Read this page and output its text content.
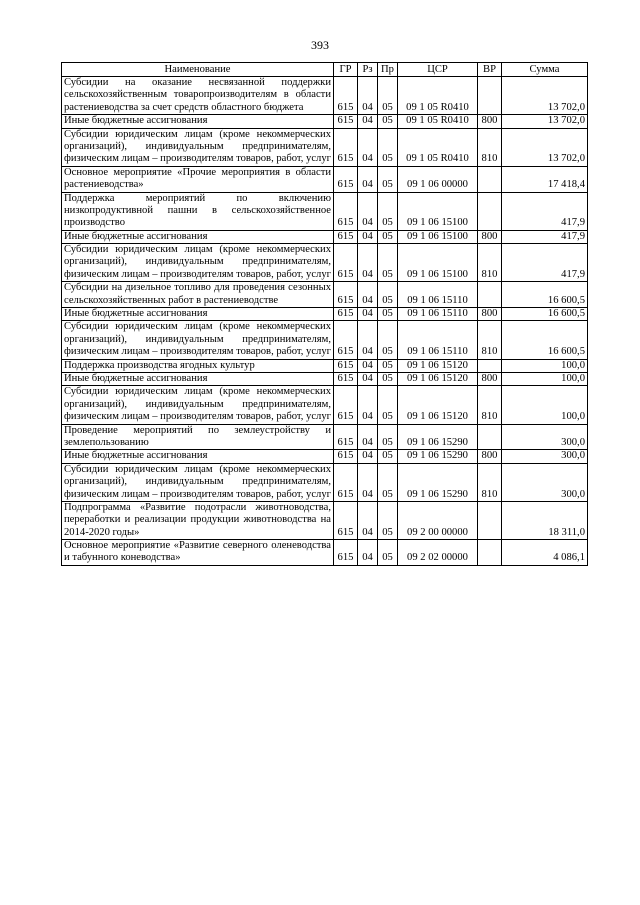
393
Наименование	ГР	Рз	Пр	ЦСР	ВР	Сумма
Субсидии на оказание несвязанной поддержки сельскохозяйственным товаропроизводителям в области растениеводства за счет средств областного бюджета	615	04	05	09 1 05 R0410		13 702,0
Иные бюджетные ассигнования	615	04	05	09 1 05 R0410	800	13 702,0
Субсидии юридическим лицам (кроме некоммерческих организаций), индивидуальным предпринимателям, физическим лицам – производителям товаров, работ, услуг	615	04	05	09 1 05 R0410	810	13 702,0
Основное мероприятие «Прочие мероприятия в области растениеводства»	615	04	05	09 1 06 00000		17 418,4
Поддержка мероприятий по включению низкопродуктивной пашни в сельскохозяйственное производство	615	04	05	09 1 06 15100		417,9
Иные бюджетные ассигнования	615	04	05	09 1 06 15100	800	417,9
Субсидии юридическим лицам (кроме некоммерческих организаций), индивидуальным предпринимателям, физическим лицам – производителям товаров, работ, услуг	615	04	05	09 1 06 15100	810	417,9
Субсидии на дизельное топливо для проведения сезонных сельскохозяйственных работ в растениеводстве	615	04	05	09 1 06 15110		16 600,5
Иные бюджетные ассигнования	615	04	05	09 1 06 15110	800	16 600,5
Субсидии юридическим лицам (кроме некоммерческих организаций), индивидуальным предпринимателям, физическим лицам – производителям товаров, работ, услуг	615	04	05	09 1 06 15110	810	16 600,5
Поддержка производства ягодных культур	615	04	05	09 1 06 15120		100,0
Иные бюджетные ассигнования	615	04	05	09 1 06 15120	800	100,0
Субсидии юридическим лицам (кроме некоммерческих организаций), индивидуальным предпринимателям, физическим лицам – производителям товаров, работ, услуг	615	04	05	09 1 06 15120	810	100,0
Проведение мероприятий по землеустройству и землепользованию	615	04	05	09 1 06 15290		300,0
Иные бюджетные ассигнования	615	04	05	09 1 06 15290	800	300,0
Субсидии юридическим лицам (кроме некоммерческих организаций), индивидуальным предпринимателям, физическим лицам – производителям товаров, работ, услуг	615	04	05	09 1 06 15290	810	300,0
Подпрограмма «Развитие подотрасли животноводства, переработки и реализации продукции животноводства на 2014-2020 годы»	615	04	05	09 2 00 00000		18 311,0
Основное мероприятие «Развитие северного оленеводства и табунного коневодства»	615	04	05	09 2 02 00000		4 086,1
